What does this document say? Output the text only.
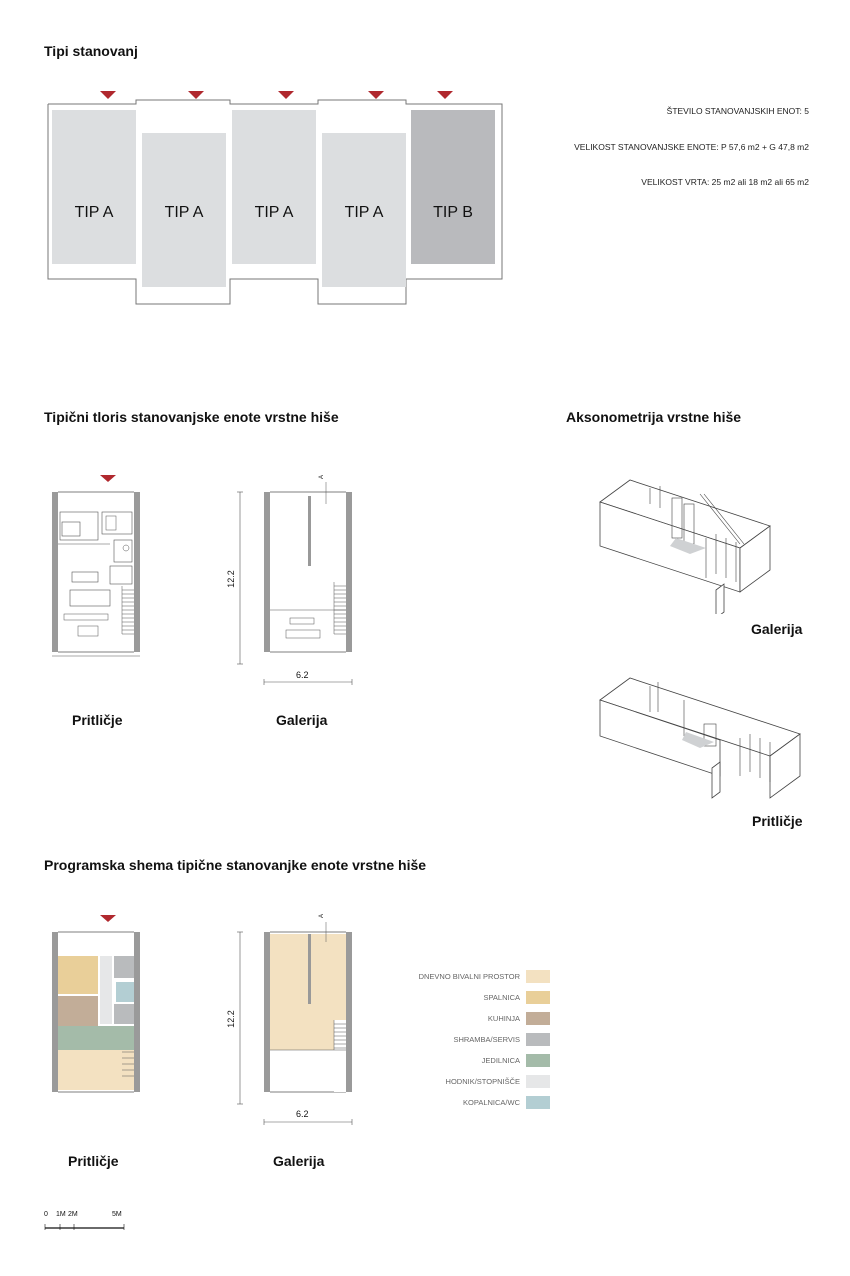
Tipi stanovanj
TIP A	TIP A	TIP A	TIP A	TIP B
ŠTEVILO STANOVANJSKIH ENOT: 5
VELIKOST STANOVANJSKE ENOTE: P 57,6 m2 + G 47,8 m2
VELIKOST VRTA: 25 m2 ali 18 m2 ali 65 m2
Tipični tloris stanovanjske enote vrstne hiše	Aksonometrija vrstne hiše
Pritličje
A
12.2
6.2
Galerija
Galerija
Pritličje
Programska shema tipične stanovanjke enote vrstne hiše
Pritličje
A
12.2
6.2
Galerija
DNEVNO BIVALNI PROSTOR
SPALNICA
KUHINJA
SHRAMBA/SERVIS
JEDILNICA
HODNIK/STOPNIŠČE
KOPALNICA/WC
0 1M 2M	5M
